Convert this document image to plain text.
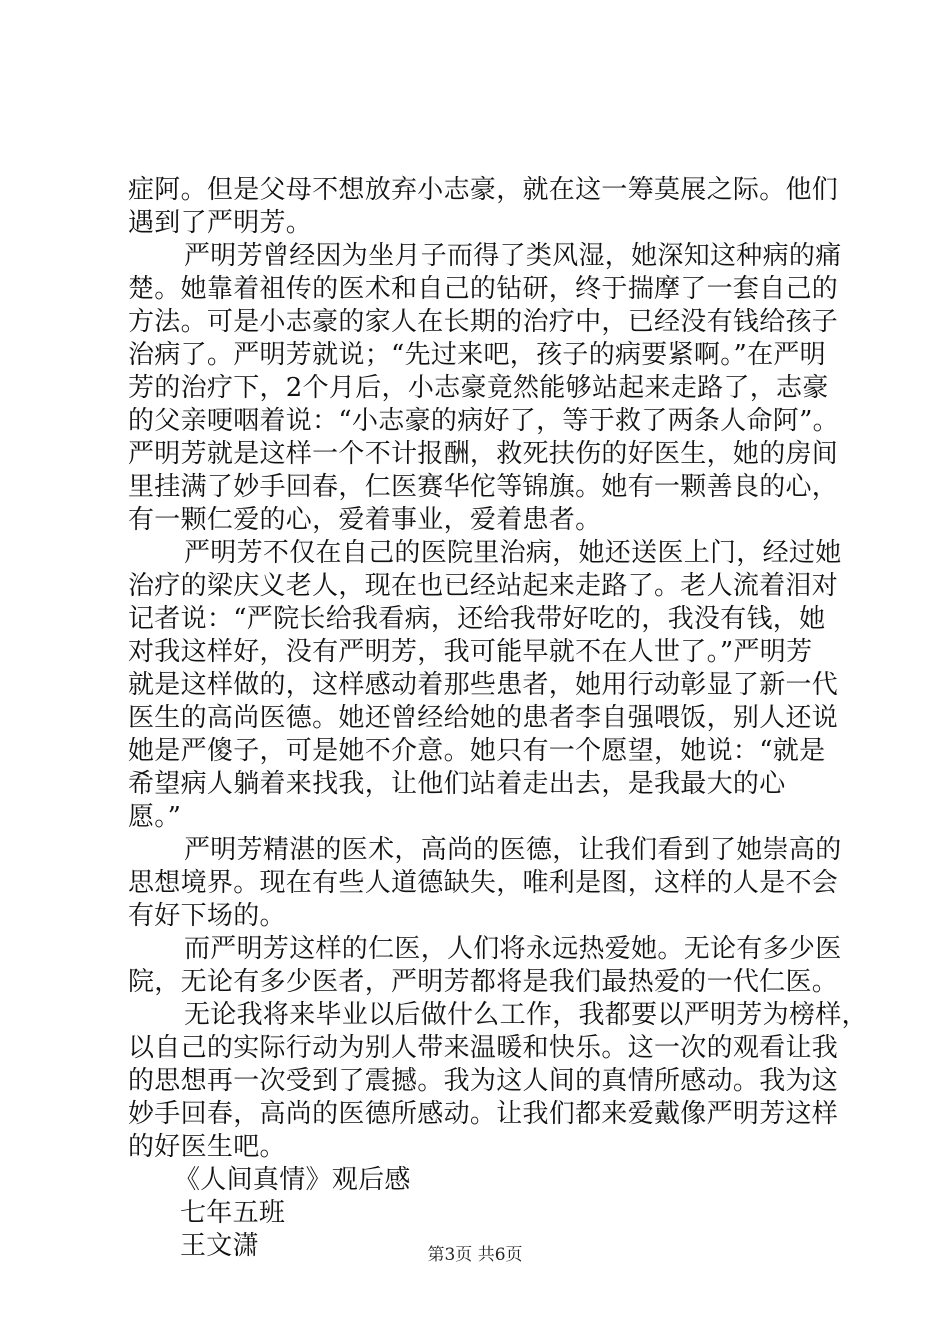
症阿。但是父母不想放弃小志豪，就在这一筹莫展之际。他们
遇到了严明芳。
严明芳曾经因为坐月子而得了类风湿，她深知这种病的痛
楚。她靠着祖传的医术和自己的钻研，终于揣摩了一套自己的
方法。可是小志豪的家人在长期的治疗中，已经没有钱给孩子
治病了。严明芳就说；“先过来吧，孩子的病要紧啊。”在严明
芳的治疗下，2个月后，小志豪竟然能够站起来走路了，志豪
的父亲哽咽着说：“小志豪的病好了，等于救了两条人命阿”。
严明芳就是这样一个不计报酬，救死扶伤的好医生，她的房间
里挂满了妙手回春，仁医赛华佗等锦旗。她有一颗善良的心，
有一颗仁爱的心，爱着事业，爱着患者。
严明芳不仅在自己的医院里治病，她还送医上门，经过她
治疗的梁庆义老人，现在也已经站起来走路了。老人流着泪对
记者说：“严院长给我看病，还给我带好吃的，我没有钱，她
对我这样好，没有严明芳，我可能早就不在人世了。”严明芳
就是这样做的，这样感动着那些患者，她用行动彰显了新一代
医生的高尚医德。她还曾经给她的患者李自强喂饭，别人还说
她是严傻子，可是她不介意。她只有一个愿望，她说：“就是
希望病人躺着来找我，让他们站着走出去，是我最大的心
愿。”
严明芳精湛的医术，高尚的医德，让我们看到了她崇高的
思想境界。现在有些人道德缺失，唯利是图，这样的人是不会
有好下场的。
而严明芳这样的仁医，人们将永远热爱她。无论有多少医
院，无论有多少医者，严明芳都将是我们最热爱的一代仁医。
无论我将来毕业以后做什么工作，我都要以严明芳为榜样，
以自己的实际行动为别人带来温暖和快乐。这一次的观看让我
的思想再一次受到了震撼。我为这人间的真情所感动。我为这
妙手回春，高尚的医德所感动。让我们都来爱戴像严明芳这样
的好医生吧。
《人间真情》观后感
七年五班
王文潇	第3页 共6页
